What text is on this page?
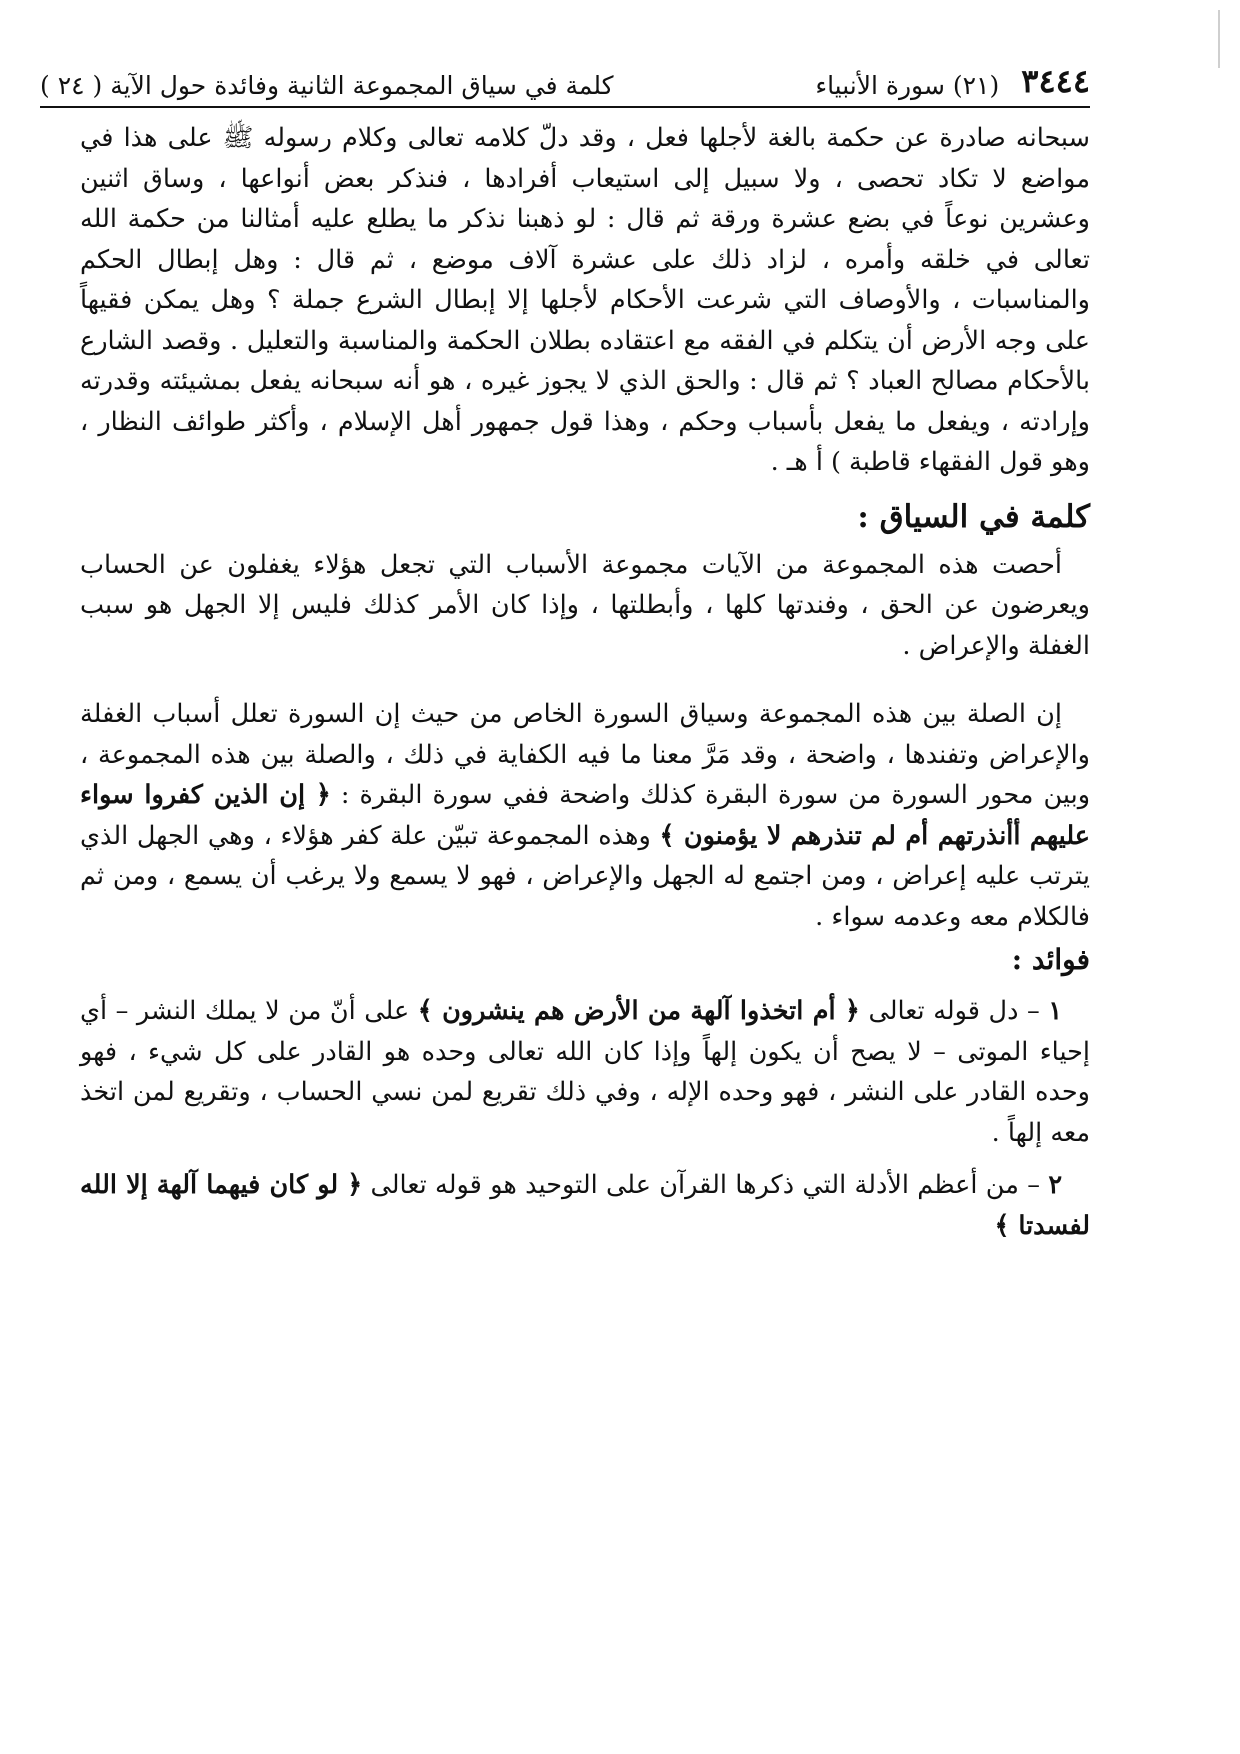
٣٤٤٤
(٢١) سورة الأنبياء
كلمة في سياق المجموعة الثانية وفائدة حول الآية ( ٢٤ )

سبحانه صادرة عن حكمة بالغة لأجلها فعل ، وقد دلّ كلامه تعالى وكلام رسوله ﷺ على هذا في مواضع لا تكاد تحصى ، ولا سبيل إلى استيعاب أفرادها ، فنذكر بعض أنواعها ، وساق اثنين وعشرين نوعاً في بضع عشرة ورقة ثم قال : لو ذهبنا نذكر ما يطلع عليه أمثالنا من حكمة الله تعالى في خلقه وأمره ، لزاد ذلك على عشرة آلاف موضع ، ثم قال : وهل إبطال الحكم والمناسبات ، والأوصاف التي شرعت الأحكام لأجلها إلا إبطال الشرع جملة ؟ وهل يمكن فقيهاً على وجه الأرض أن يتكلم في الفقه مع اعتقاده بطلان الحكمة والمناسبة والتعليل . وقصد الشارع بالأحكام مصالح العباد ؟ ثم قال : والحق الذي لا يجوز غيره ، هو أنه سبحانه يفعل بمشيئته وقدرته وإرادته ، ويفعل ما يفعل بأسباب وحكم ، وهذا قول جمهور أهل الإسلام ، وأكثر طوائف النظار ، وهو قول الفقهاء قاطبة ) أ هـ .

كلمة في السياق :

أحصت هذه المجموعة من الآيات مجموعة الأسباب التي تجعل هؤلاء يغفلون عن الحساب ويعرضون عن الحق ، وفندتها كلها ، وأبطلتها ، وإذا كان الأمر كذلك فليس إلا الجهل هو سبب الغفلة والإعراض .

إن الصلة بين هذه المجموعة وسياق السورة الخاص من حيث إن السورة تعلل أسباب الغفلة والإعراض وتفندها ، واضحة ، وقد مَرَّ معنا ما فيه الكفاية في ذلك ، والصلة بين هذه المجموعة ، وبين محور السورة من سورة البقرة كذلك واضحة ففي سورة البقرة : ﴿ إن الذين كفروا سواء عليهم أأنذرتهم أم لم تنذرهم لا يؤمنون ﴾ وهذه المجموعة تبيّن علة كفر هؤلاء ، وهي الجهل الذي يترتب عليه إعراض ، ومن اجتمع له الجهل والإعراض ، فهو لا يسمع ولا يرغب أن يسمع ، ومن ثم فالكلام معه وعدمه سواء .

فوائد :

١ – دل قوله تعالى ﴿ أم اتخذوا آلهة من الأرض هم ينشرون ﴾ على أنّ من لا يملك النشر – أي إحياء الموتى – لا يصح أن يكون إلهاً وإذا كان الله تعالى وحده هو القادر على كل شيء ، فهو وحده القادر على النشر ، فهو وحده الإله ، وفي ذلك تقريع لمن نسي الحساب ، وتقريع لمن اتخذ معه إلهاً .

٢ – من أعظم الأدلة التي ذكرها القرآن على التوحيد هو قوله تعالى ﴿ لو كان فيهما آلهة إلا الله لفسدتا ﴾
